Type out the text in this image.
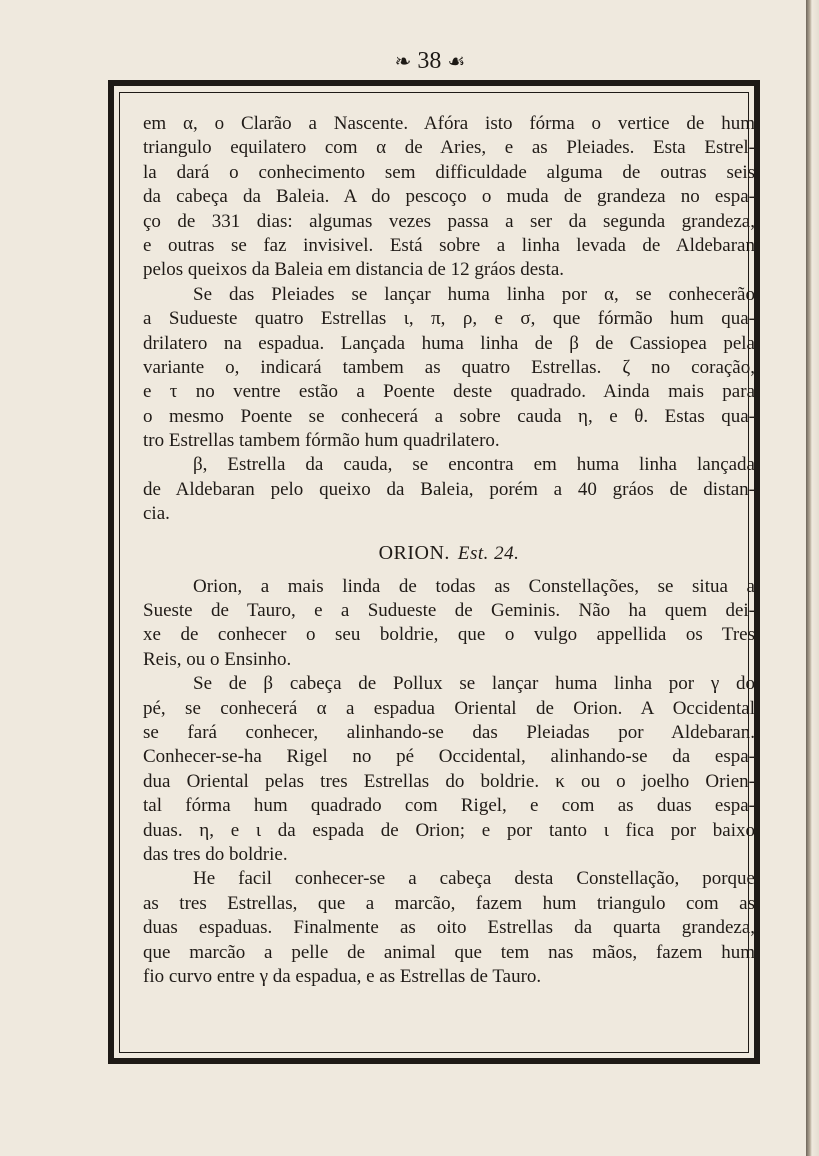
❧ 38 ☙
em α, o Clarão a Nascente. Afóra isto fórma o vertice de hum
triangulo equilatero com α de Aries, e as Pleiades. Esta Estrel-
la dará o conhecimento sem difficuldade alguma de outras seis
da cabeça da Baleia. A do pescoço ο muda de grandeza no espa-
ço de 331 dias: algumas vezes passa a ser da segunda grandeza,
e outras se faz invisivel. Está sobre a linha levada de Aldebaran
pelos queixos da Baleia em distancia de 12 gráos desta.
Se das Pleiades se lançar huma linha por α, se conhecerão
a Sudueste quatro Estrellas ι, π, ρ, e σ, que fórmão hum qua-
drilatero na espadua. Lançada huma linha de β de Cassiopea pela
variante ο, indicará tambem as quatro Estrellas. ζ no coração,
e τ no ventre estão a Poente deste quadrado. Ainda mais para
o mesmo Poente se conhecerá a sobre cauda η, e θ. Estas qua-
tro Estrellas tambem fórmão hum quadrilatero.
β, Estrella da cauda, se encontra em huma linha lançada
de Aldebaran pelo queixo da Baleia, porém a 40 gráos de distan-
cia.
ORION. Est. 24.
Orion, a mais linda de todas as Constellações, se situa a
Sueste de Tauro, e a Sudueste de Geminis. Não ha quem dei-
xe de conhecer o seu boldrie, que o vulgo appellida os Tres
Reis, ou o Ensinho.
Se de β cabeça de Pollux se lançar huma linha por γ do
pé, se conhecerá α a espadua Oriental de Orion. A Occidental
se fará conhecer, alinhando-se das Pleiadas por Aldebaran.
Conhecer-se-ha Rigel no pé Occidental, alinhando-se da espa-
dua Oriental pelas tres Estrellas do boldrie. κ ou o joelho Orien-
tal fórma hum quadrado com Rigel, e com as duas espa-
duas. η, e ι da espada de Orion; e por tanto ι fica por baixo
das tres do boldrie.
He facil conhecer-se a cabeça desta Constellação, porque
as tres Estrellas, que a marcão, fazem hum triangulo com as
duas espaduas. Finalmente as oito Estrellas da quarta grandeza,
que marcão a pelle de animal que tem nas mãos, fazem hum
fio curvo entre γ da espadua, e as Estrellas de Tauro.
